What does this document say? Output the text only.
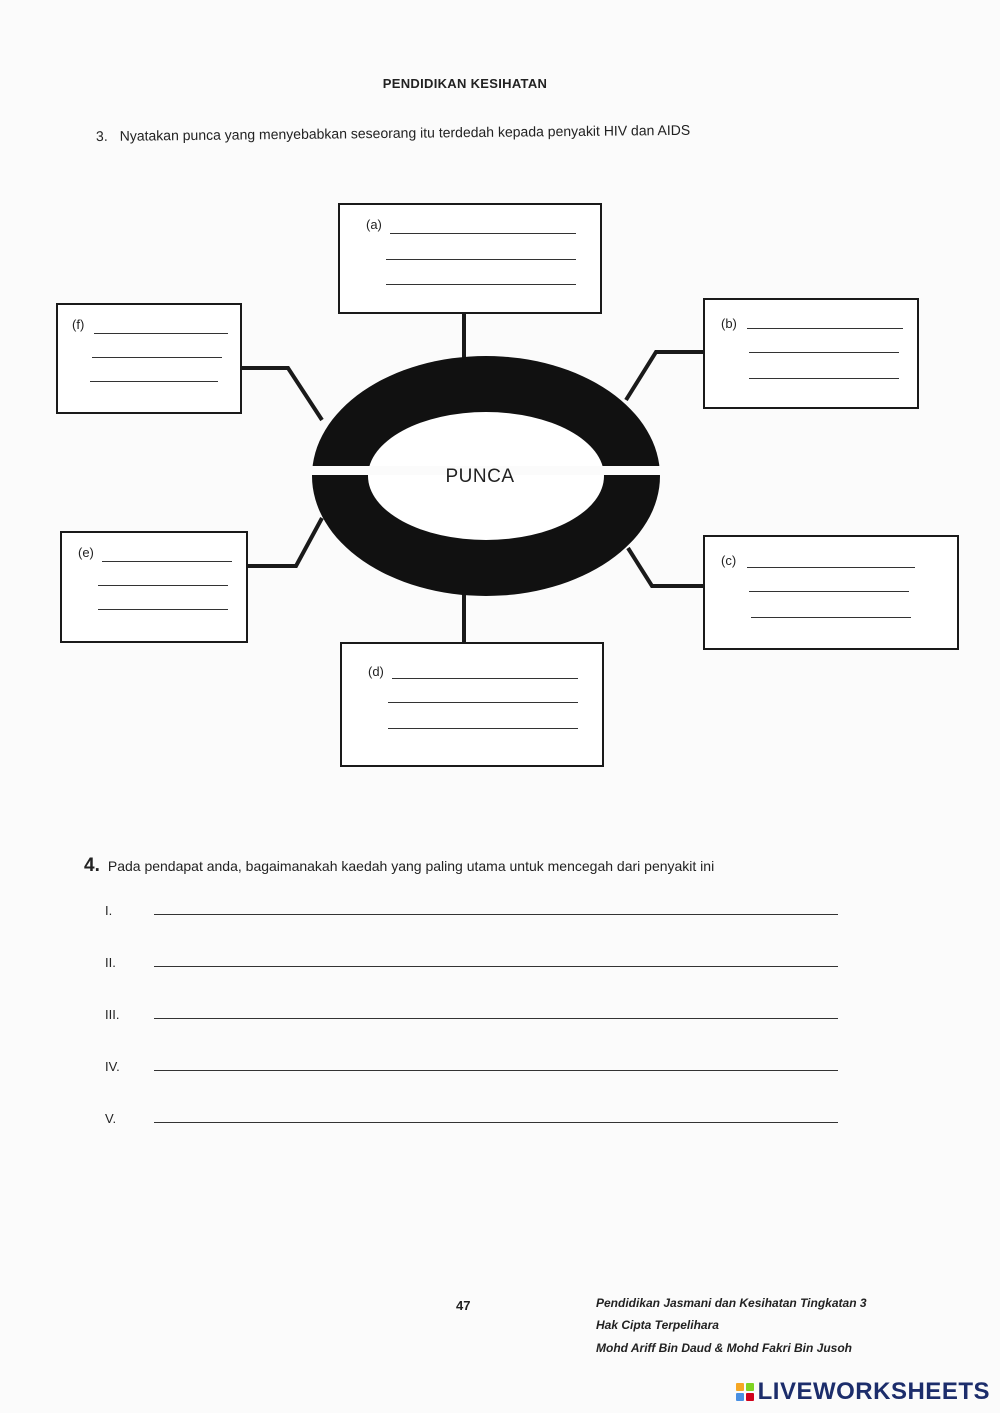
PENDIDIKAN KESIHATAN
3. Nyatakan punca yang menyebabkan seseorang itu terdedah kepada penyakit HIV dan AIDS
PUNCA
(a)
(f)	(b)
(e)
(c)
(d)
4. Pada pendapat anda, bagaimanakah kaedah yang paling utama untuk mencegah dari penyakit ini
I.
II.
III.
IV.
V.
47	Pendidikan Jasmani dan Kesihatan Tingkatan 3
Hak Cipta Terpelihara
Mohd Ariff Bin Daud & Mohd Fakri Bin Jusoh
LIVEWORKSHEETS
